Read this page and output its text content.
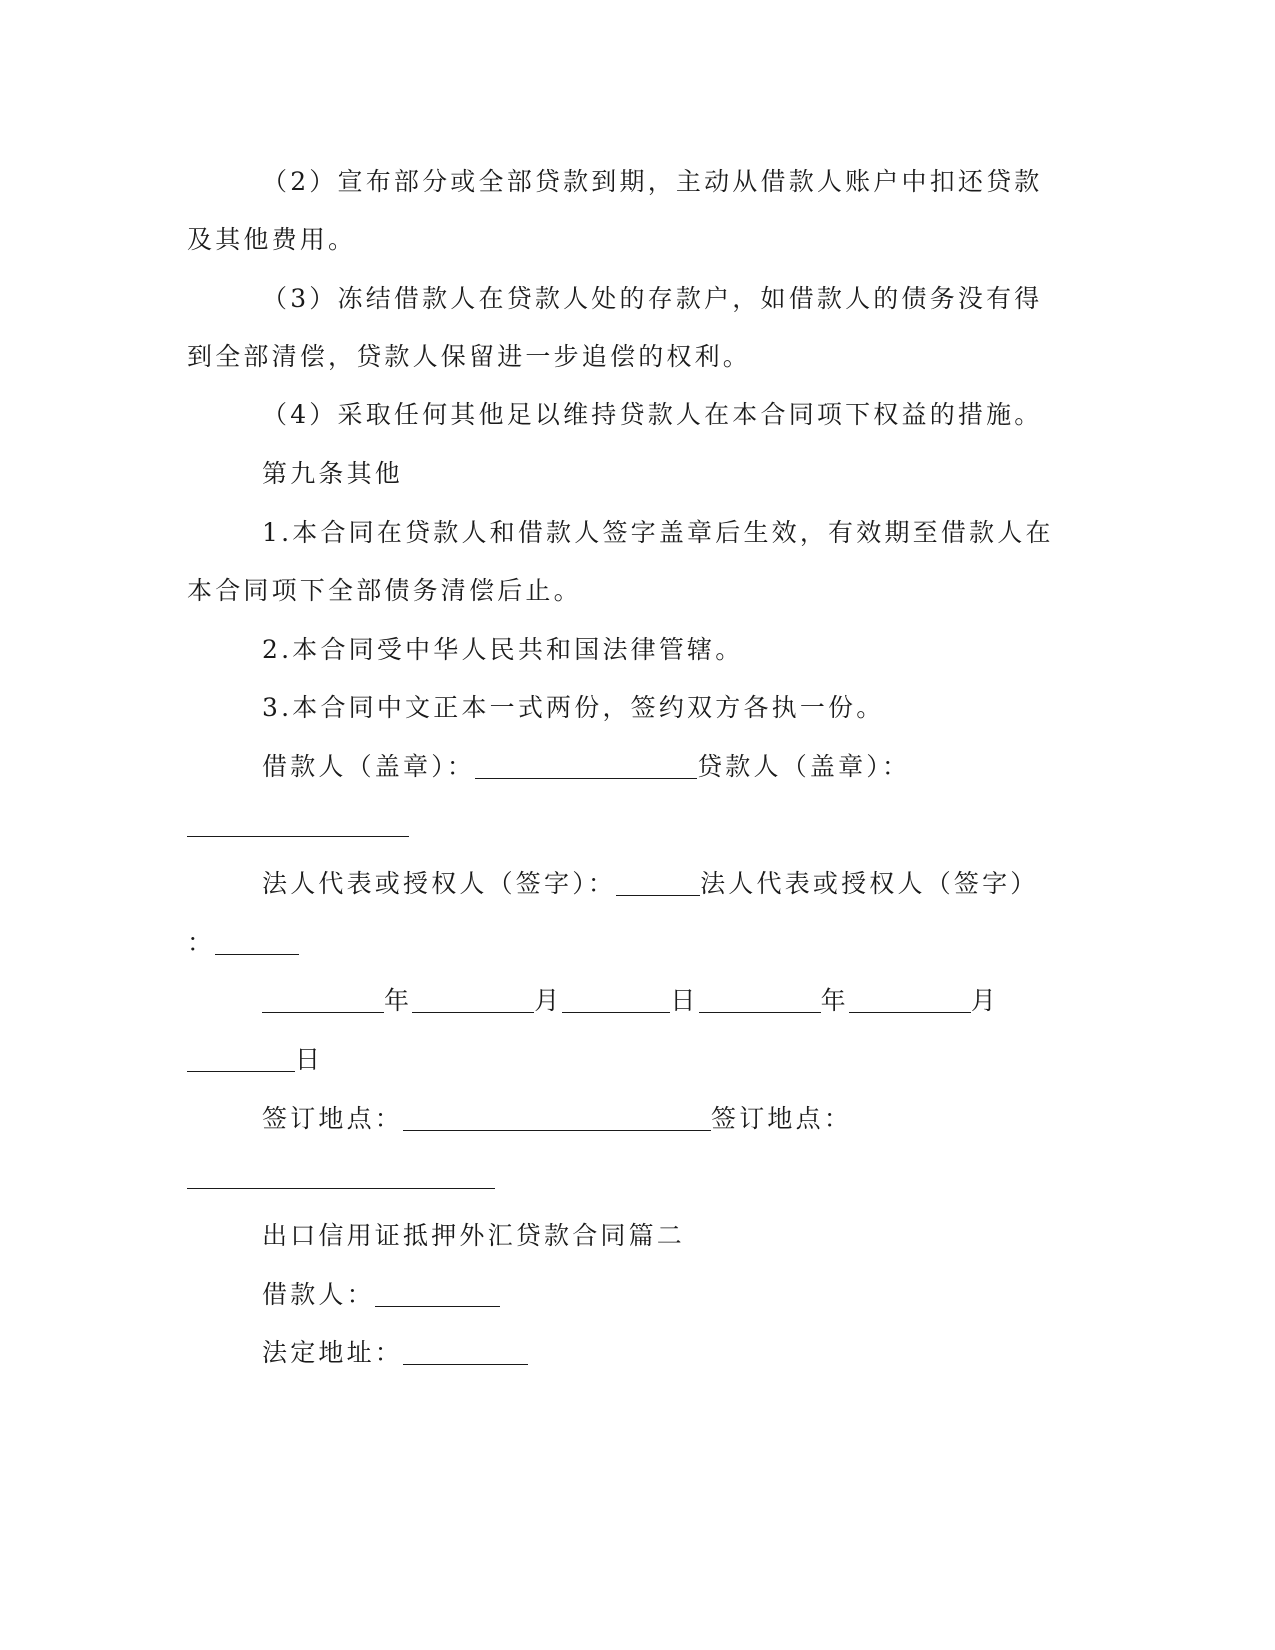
（2）宣布部分或全部贷款到期，主动从借款人账户中扣还贷款
及其他费用。
（3）冻结借款人在贷款人处的存款户，如借款人的债务没有得
到全部清偿，贷款人保留进一步追偿的权利。
（4）采取任何其他足以维持贷款人在本合同项下权益的措施。
第九条其他
1.本合同在贷款人和借款人签字盖章后生效，有效期至借款人在
本合同项下全部债务清偿后止。
2.本合同受中华人民共和国法律管辖。
3.本合同中文正本一式两份，签约双方各执一份。
借款人（盖章）：	贷款人（盖章）：
法人代表或授权人（签字）：	法人代表或授权人（签字）
：
年	月	日	年	月
日
签订地点：	签订地点：
出口信用证抵押外汇贷款合同篇二
借款人：
法定地址：
